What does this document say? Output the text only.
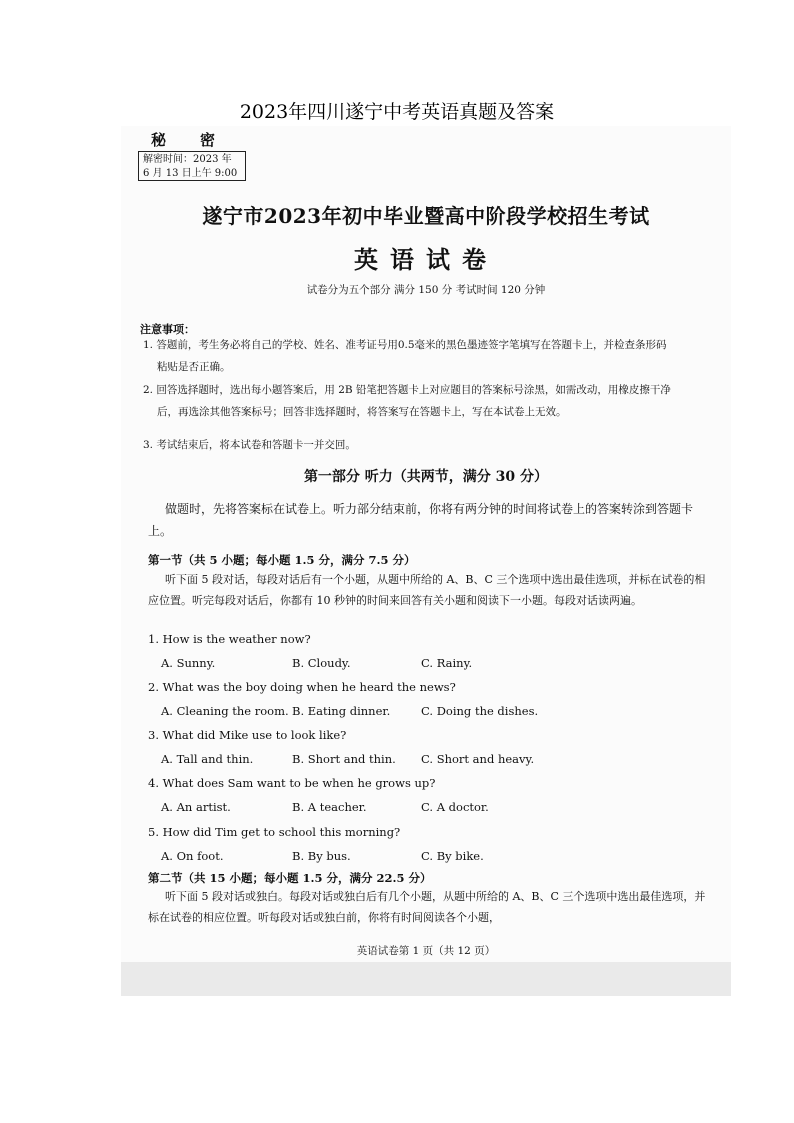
2023年四川遂宁中考英语真题及答案
秘密
解密时间：2023 年
6 月 13 日上午 9:00
遂宁市2023年初中毕业暨高中阶段学校招生考试
英语试卷
试卷分为五个部分 满分 150 分 考试时间 120 分钟
注意事项：
1. 答题前，考生务必将自己的学校、姓名、准考证号用0.5毫米的黑色墨迹签字笔填写在答题卡上，并检查条形码粘贴是否正确。
2. 回答选择题时，选出每小题答案后，用 2B 铅笔把答题卡上对应题目的答案标号涂黑，如需改动，用橡皮擦干净后，再选涂其他答案标号；回答非选择题时，将答案写在答题卡上，写在本试卷上无效。
3. 考试结束后，将本试卷和答题卡一并交回。
第一部分 听力（共两节，满分 30 分）
做题时，先将答案标在试卷上。听力部分结束前，你将有两分钟的时间将试卷上的答案转涂到答题卡上。
第一节（共 5 小题；每小题 1.5 分，满分 7.5 分）
听下面 5 段对话，每段对话后有一个小题，从题中所给的 A、B、C 三个选项中选出最佳选项，并标在试卷的相应位置。听完每段对话后，你都有 10 秒钟的时间来回答有关小题和阅读下一小题。每段对话读两遍。
1. How is the weather now?
A. Sunny.	B. Cloudy.	C. Rainy.
2. What was the boy doing when he heard the news?
A. Cleaning the room. B. Eating dinner.	C. Doing the dishes.
3. What did Mike use to look like?
A. Tall and thin.	B. Short and thin. C. Short and heavy.
4. What does Sam want to be when he grows up?
A. An artist.	B. A teacher.	C. A doctor.
5. How did Tim get to school this morning?
A. On foot.	B. By bus.	C. By bike.
第二节（共 15 小题；每小题 1.5 分，满分 22.5 分）
听下面 5 段对话或独白。每段对话或独白后有几个小题，从题中所给的 A、B、C 三个选项中选出最佳选项，并标在试卷的相应位置。听每段对话或独白前，你将有时间阅读各个小题，
英语试卷第 1 页（共 12 页）
